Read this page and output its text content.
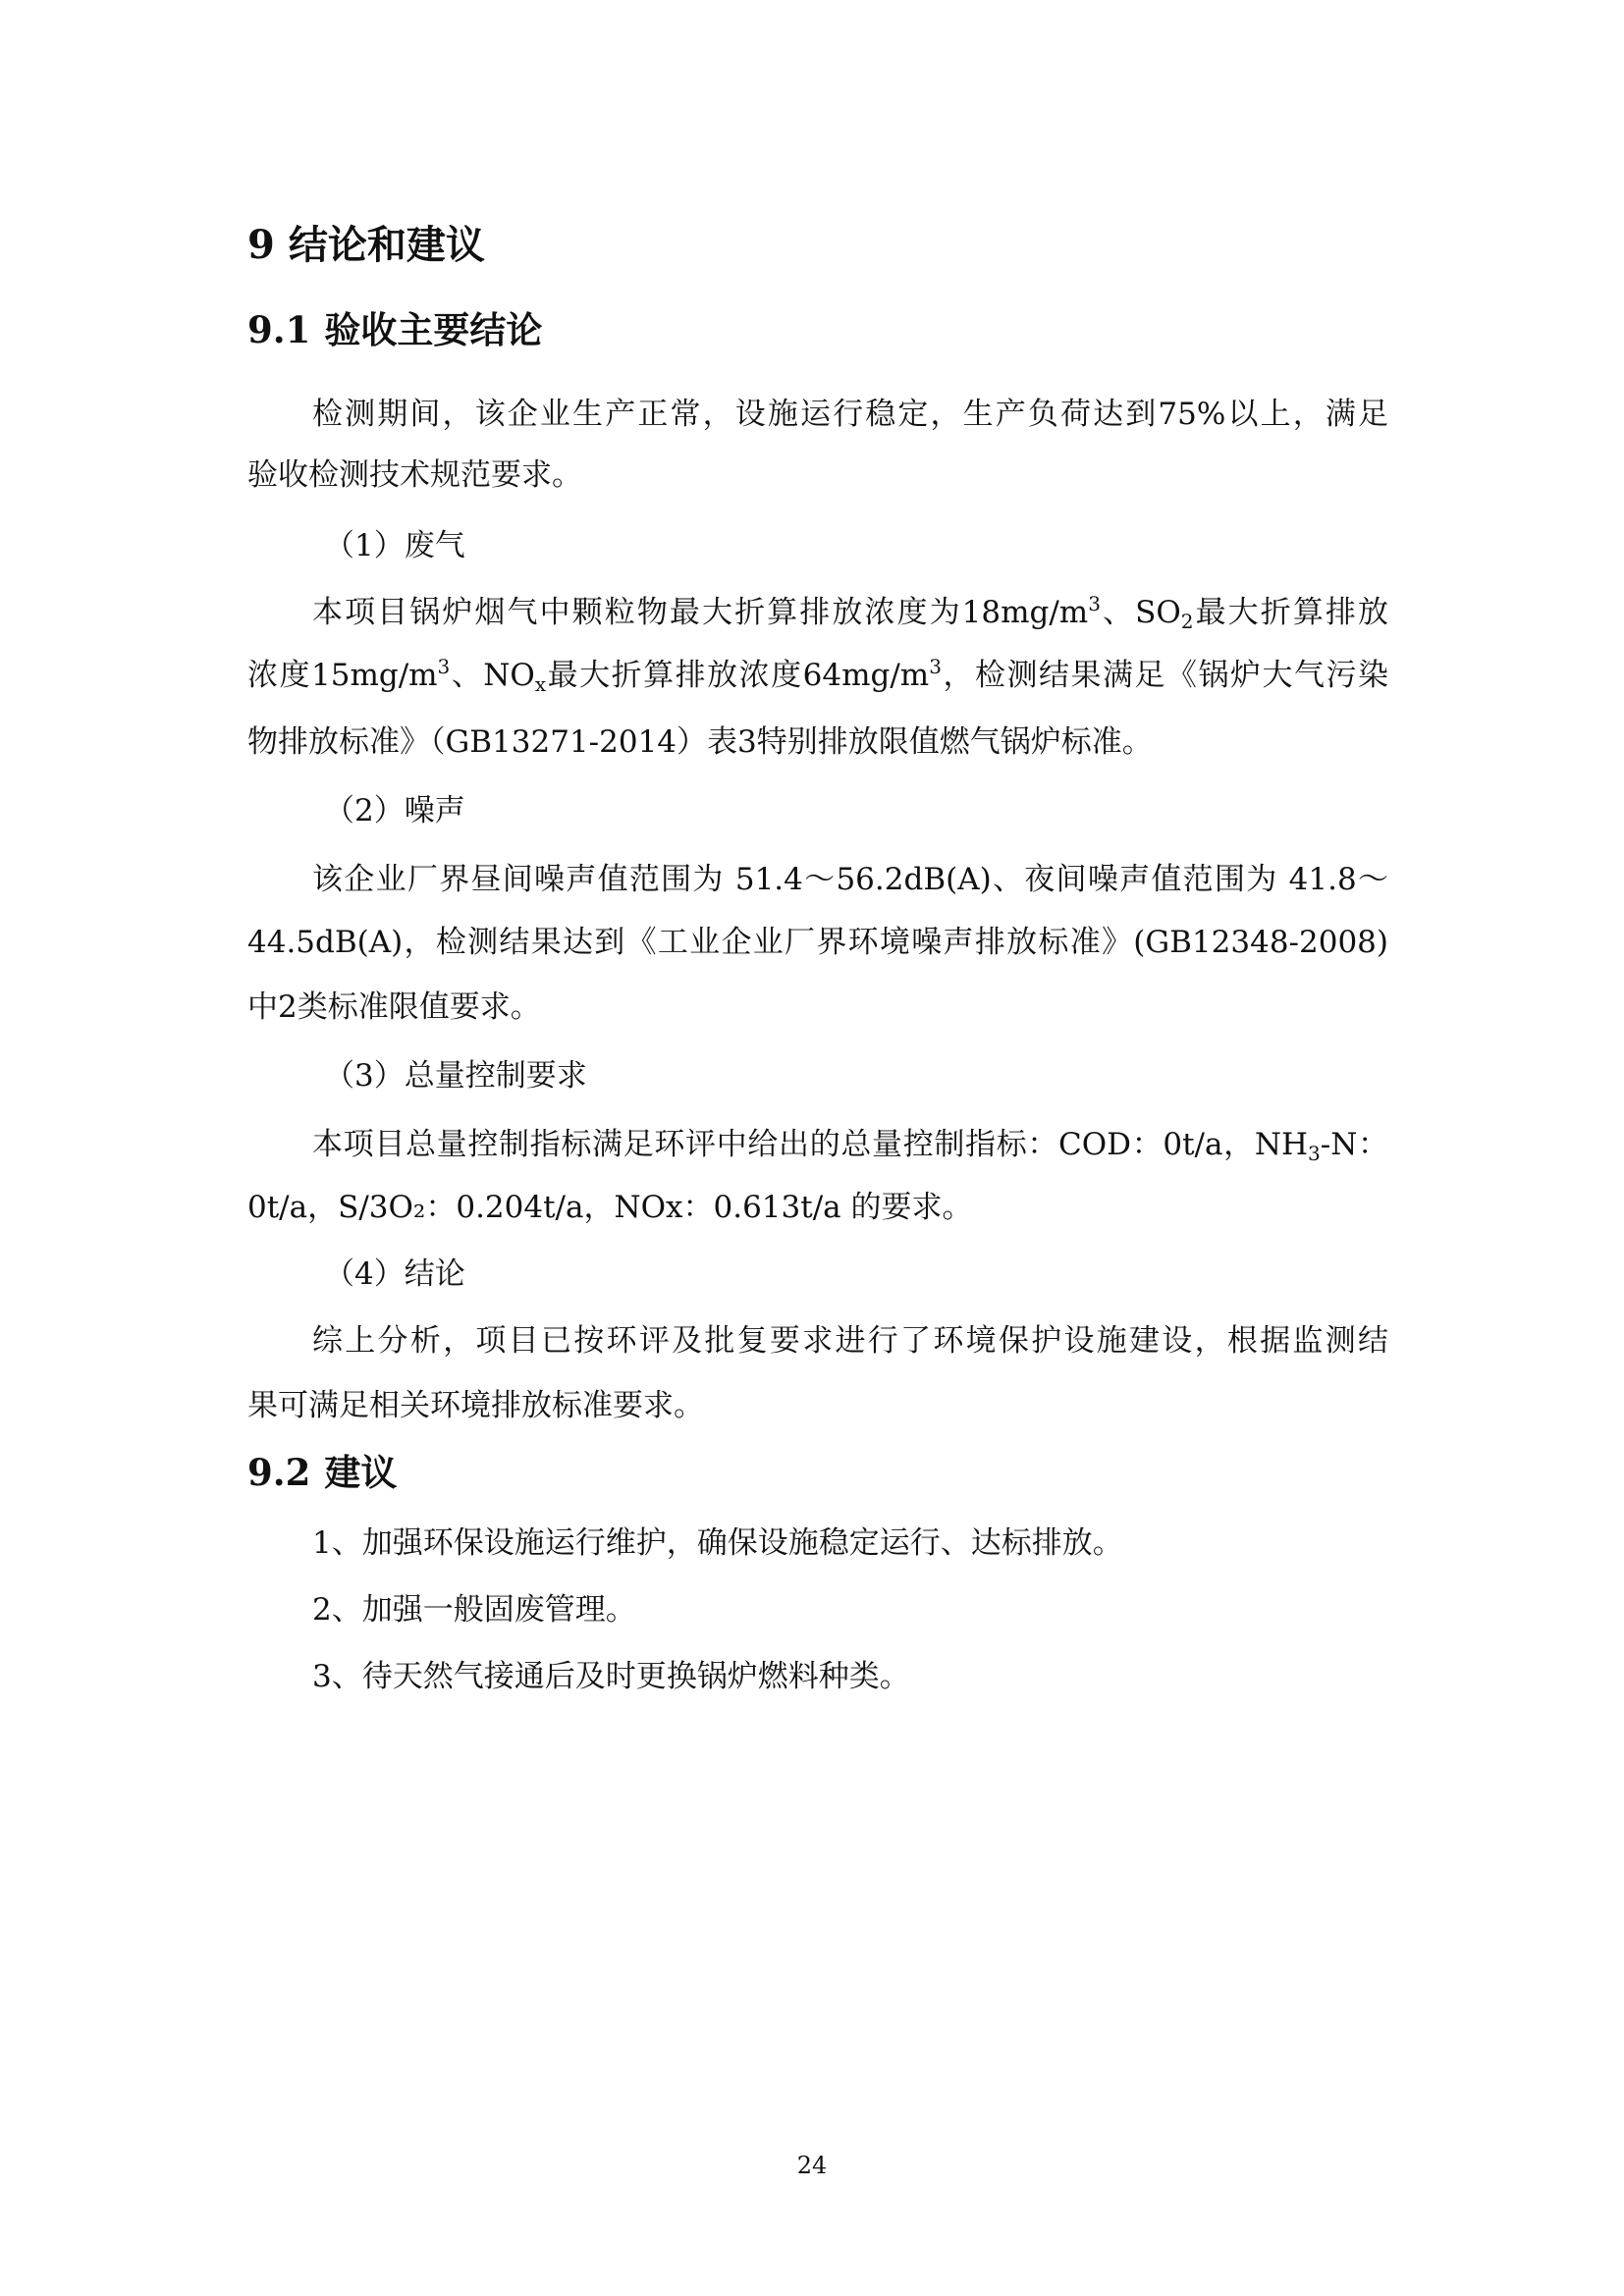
9 结论和建议
9.1 验收主要结论
检测期间，该企业生产正常，设施运行稳定，生产负荷达到75%以上，满足
验收检测技术规范要求。
（1）废气
本项目锅炉烟气中颗粒物最大折算排放浓度为$18mg/m^3$、$SO_2$最大折算排放
浓度$15mg/m^3$、$NO_x$最大折算排放浓度$64mg/m^3$，检测结果满足《锅炉大气污染
物排放标准》（GB13271-2014）表3特别排放限值燃气锅炉标准。
（2）噪声
该企业厂界昼间噪声值范围为 51.4～56.2dB(A)、夜间噪声值范围为 41.8～
44.5dB(A)，检测结果达到《工业企业厂界环境噪声排放标准》(GB12348-2008)
中2类标准限值要求。
（3）总量控制要求
本项目总量控制指标满足环评中给出的总量控制指标：COD：0t/a，$NH_3-N$：
0t/a，S/3O₂：0.204t/a，NOx：0.613t/a 的要求。
（4）结论
综上分析，项目已按环评及批复要求进行了环境保护设施建设，根据监测结
果可满足相关环境排放标准要求。
9.2 建议
1、加强环保设施运行维护，确保设施稳定运行、达标排放。
2、加强一般固废管理。
3、待天然气接通后及时更换锅炉燃料种类。
24
